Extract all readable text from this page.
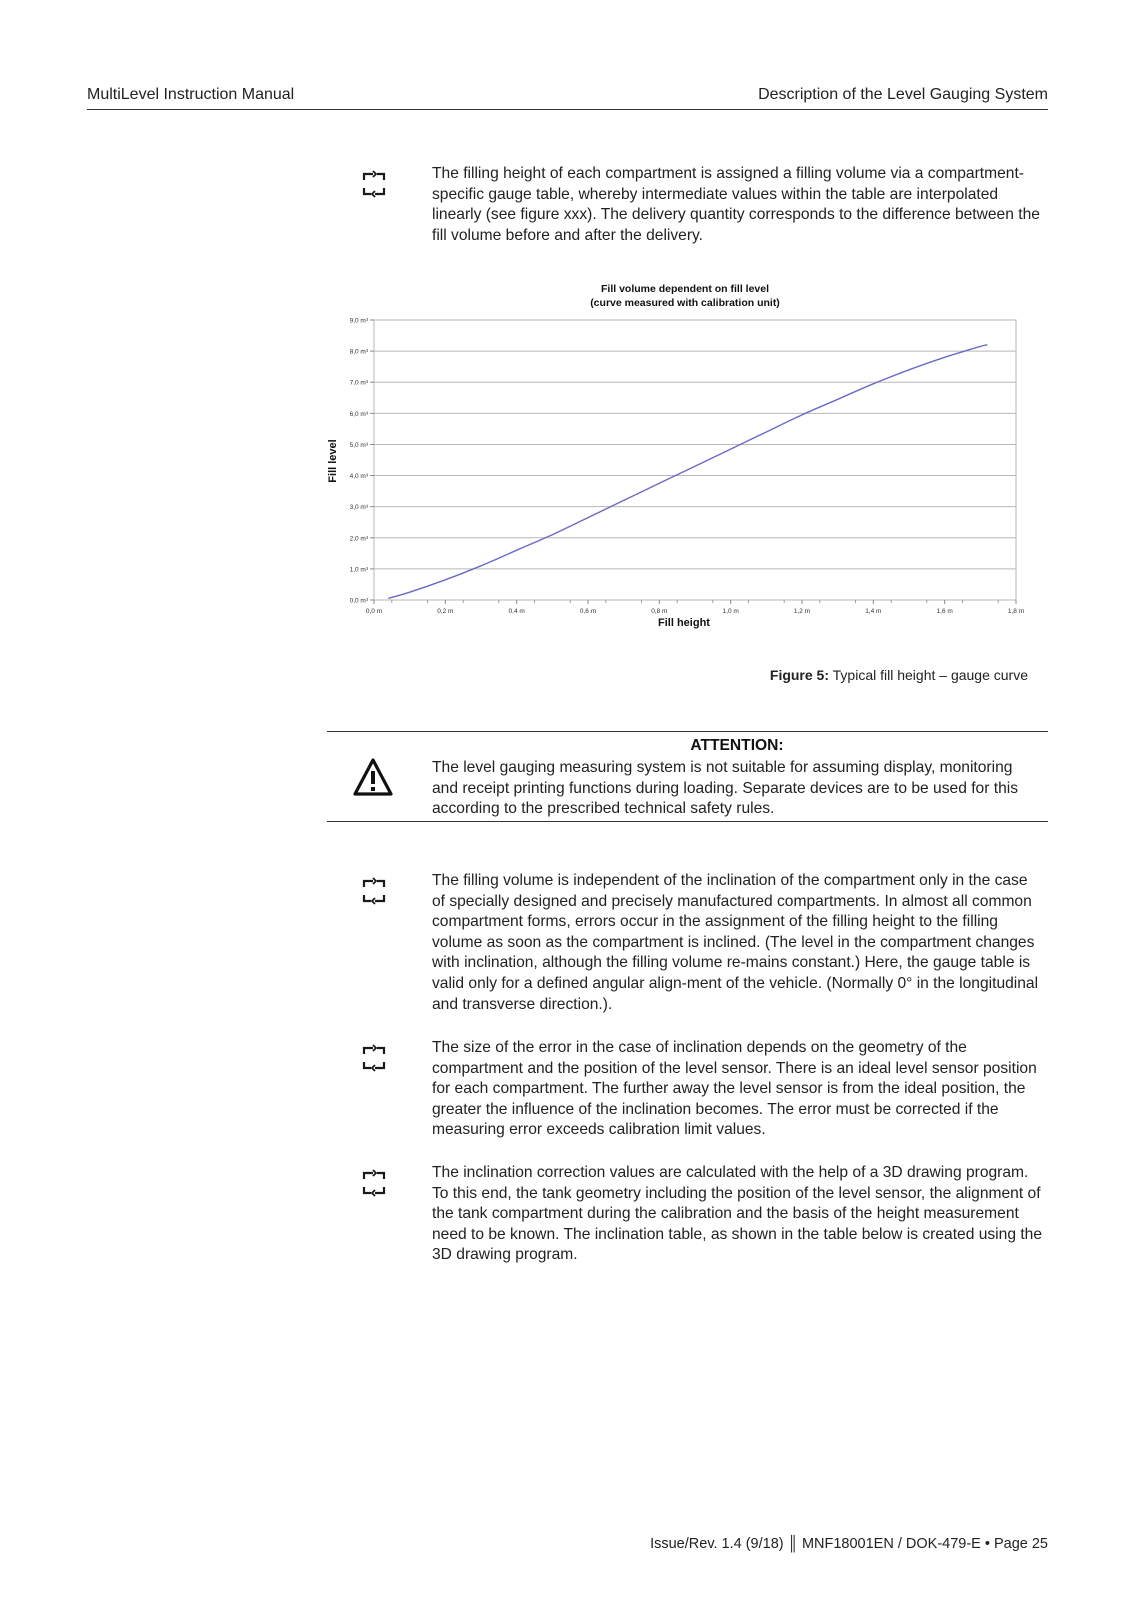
MultiLevel Instruction Manual	Description of the Level Gauging System
The filling height of each compartment is assigned a filling volume via a compartment-specific gauge table, whereby intermediate values within the table are interpolated linearly (see figure xxx). The delivery quantity corresponds to the difference between the fill volume before and after the delivery.
Fill volume dependent on fill level
(curve measured with calibration unit)
0,0 m³
1,0 m³
2,0 m³
3,0 m³
4,0 m³
5,0 m³
6,0 m³
7,0 m³
8,0 m³
9,0 m³
0,0 m	0,2 m	0,4 m	0,6 m	0,8 m	1,0 m	1,2 m	1,4 m	1,6 m	1,8 m
Fill height
Fill level
Figure 5: Typical fill height – gauge curve
ATTENTION:
The level gauging measuring system is not suitable for assuming display, monitoring and receipt printing functions during loading. Separate devices are to be used for this according to the prescribed technical safety rules.
The filling volume is independent of the inclination of the compartment only in the case of specially designed and precisely manufactured compartments. In almost all common compartment forms, errors occur in the assignment of the filling height to the filling volume as soon as the compartment is inclined. (The level in the compartment changes with inclination, although the filling volume re-mains constant.) Here, the gauge table is valid only for a defined angular align-ment of the vehicle. (Normally 0° in the longitudinal and transverse direction.).
The size of the error in the case of inclination depends on the geometry of the compartment and the position of the level sensor. There is an ideal level sensor position for each compartment. The further away the level sensor is from the ideal position, the greater the influence of the inclination becomes. The error must be corrected if the measuring error exceeds calibration limit values.
The inclination correction values are calculated with the help of a 3D drawing program. To this end, the tank geometry including the position of the level sensor, the alignment of the tank compartment during the calibration and the basis of the height measurement need to be known. The inclination table, as shown in the table below is created using the 3D drawing program.
Issue/Rev. 1.4 (9/18) ║ MNF18001EN / DOK-479-E • Page 25
